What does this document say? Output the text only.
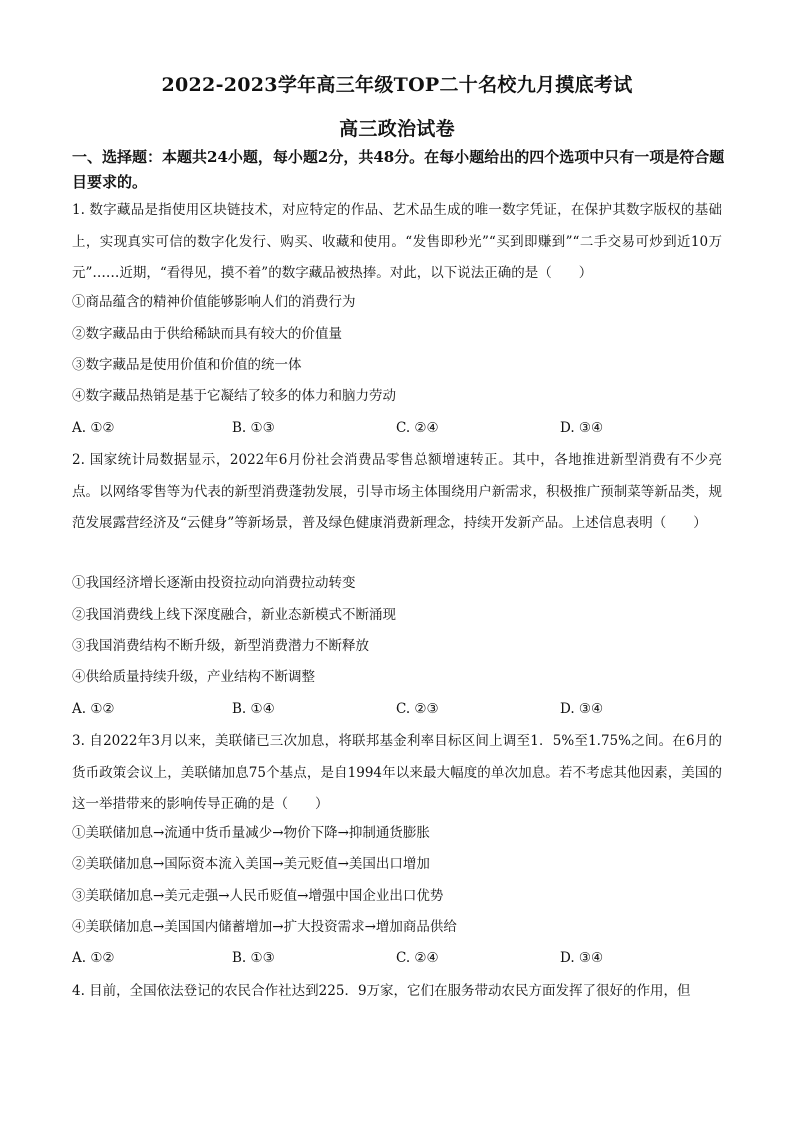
2022-2023学年高三年级TOP二十名校九月摸底考试
高三政治试卷
一、选择题：本题共24小题，每小题2分，共48分。在每小题给出的四个选项中只有一项是符合题目要求的。
1. 数字藏品是指使用区块链技术，对应特定的作品、艺术品生成的唯一数字凭证，在保护其数字版权的基础上，实现真实可信的数字化发行、购买、收藏和使用。“发售即秒光”“买到即赚到”“二手交易可炒到近10万元”……近期，“看得见，摸不着”的数字藏品被热捧。对此，以下说法正确的是（　　）
①商品蕴含的精神价值能够影响人们的消费行为
②数字藏品由于供给稀缺而具有较大的价值量
③数字藏品是使用价值和价值的统一体
④数字藏品热销是基于它凝结了较多的体力和脑力劳动
A. ①②	B. ①③	C. ②④	D. ③④
2. 国家统计局数据显示，2022年6月份社会消费品零售总额增速转正。其中，各地推进新型消费有不少亮点。以网络零售等为代表的新型消费蓬勃发展，引导市场主体围绕用户新需求，积极推广预制菜等新品类，规范发展露营经济及“云健身”等新场景，普及绿色健康消费新理念，持续开发新产品。上述信息表明（　　）
①我国经济增长逐渐由投资拉动向消费拉动转变
②我国消费线上线下深度融合，新业态新模式不断涌现
③我国消费结构不断升级，新型消费潜力不断释放
④供给质量持续升级，产业结构不断调整
A. ①②	B. ①④	C. ②③	D. ③④
3. 自2022年3月以来，美联储已三次加息，将联邦基金利率目标区间上调至1．5%至1.75%之间。在6月的货币政策会议上，美联储加息75个基点，是自1994年以来最大幅度的单次加息。若不考虑其他因素，美国的这一举措带来的影响传导正确的是（　　）
①美联储加息→流通中货币量减少→物价下降→抑制通货膨胀
②美联储加息→国际资本流入美国→美元贬值→美国出口增加
③美联储加息→美元走强→人民币贬值→增强中国企业出口优势
④美联储加息→美国国内储蓄增加→扩大投资需求→增加商品供给
A. ①②	B. ①③	C. ②④	D. ③④
4. 目前，全国依法登记的农民合作社达到225．9万家，它们在服务带动农民方面发挥了很好的作用，但
